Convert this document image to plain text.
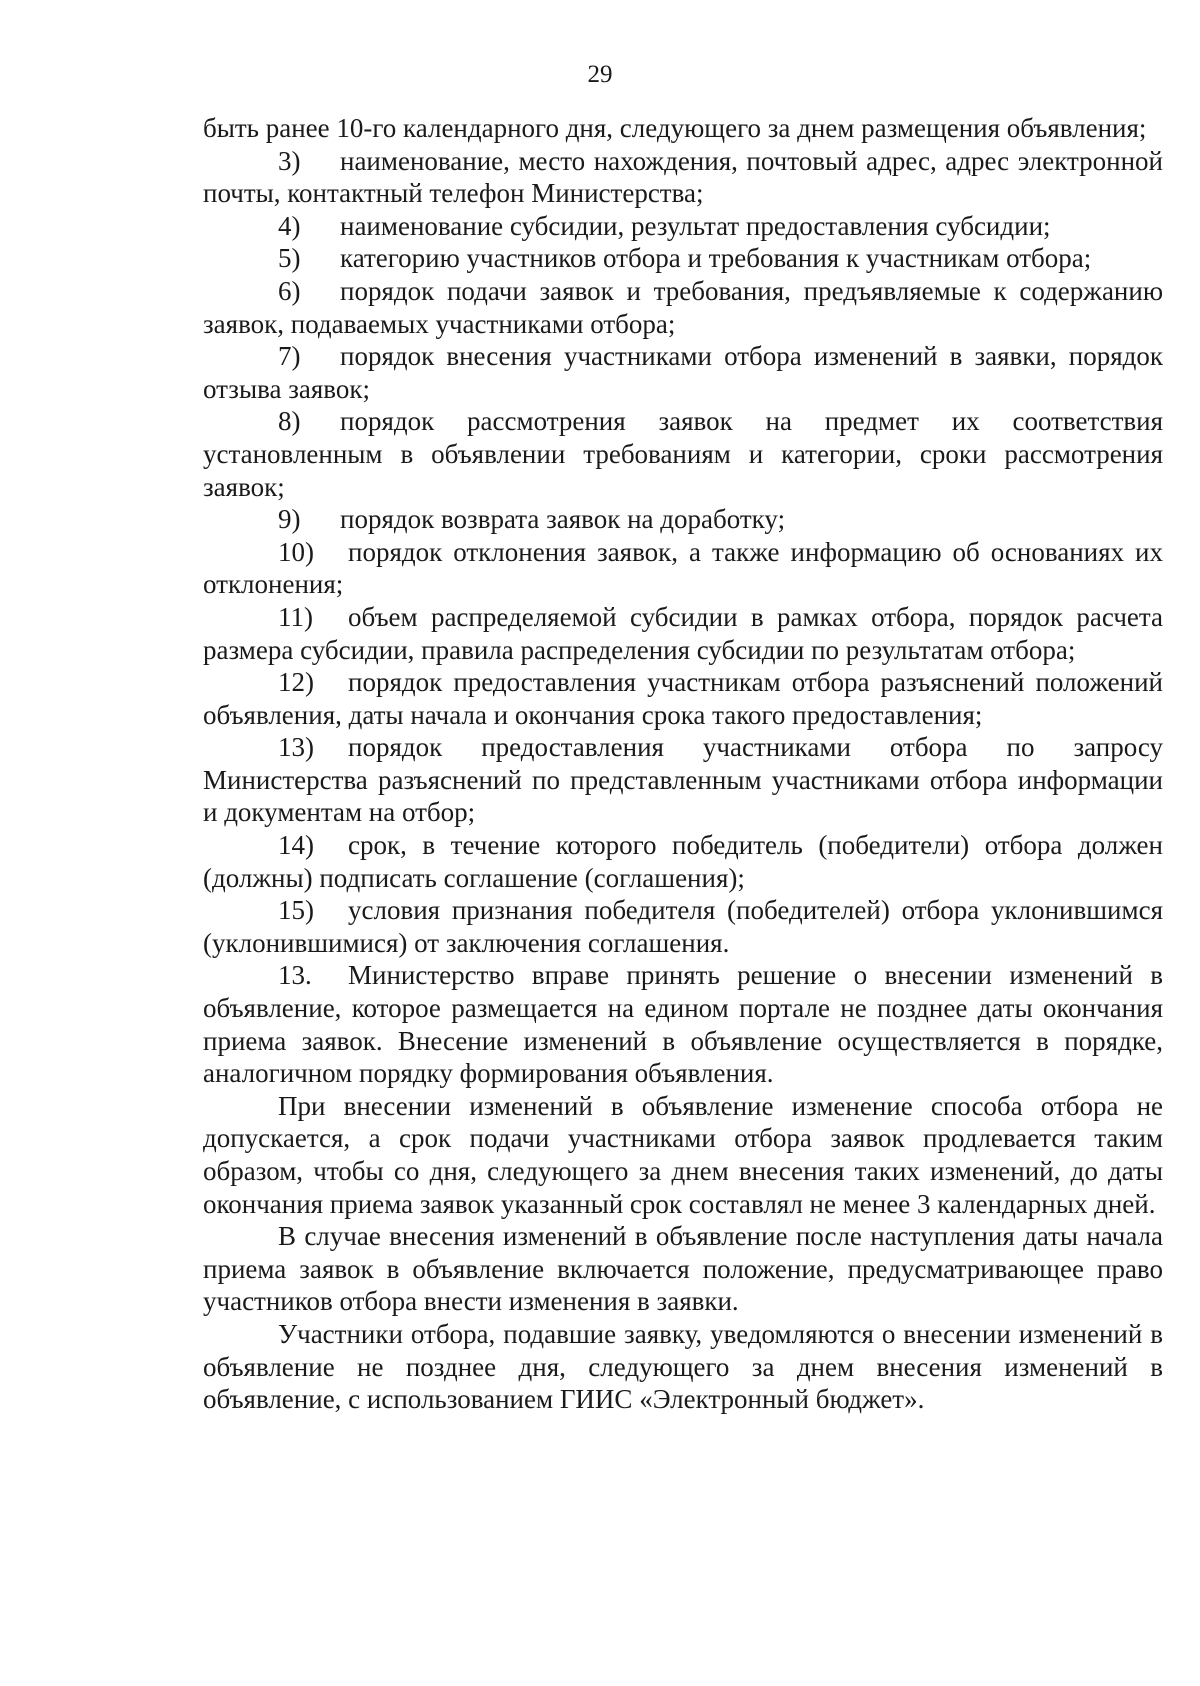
29

быть ранее 10-го календарного дня, следующего за днем размещения объявления;

3) наименование, место нахождения, почтовый адрес, адрес электронной почты, контактный телефон Министерства;

4) наименование субсидии, результат предоставления субсидии;

5) категорию участников отбора и требования к участникам отбора;

6) порядок подачи заявок и требования, предъявляемые к содержанию заявок, подаваемых участниками отбора;

7) порядок внесения участниками отбора изменений в заявки, порядок отзыва заявок;

8) порядок рассмотрения заявок на предмет их соответствия установленным в объявлении требованиям и категории, сроки рассмотрения заявок;

9) порядок возврата заявок на доработку;

10) порядок отклонения заявок, а также информацию об основаниях их отклонения;

11) объем распределяемой субсидии в рамках отбора, порядок расчета размера субсидии, правила распределения субсидии по результатам отбора;

12) порядок предоставления участникам отбора разъяснений положений объявления, даты начала и окончания срока такого предоставления;

13) порядок предоставления участниками отбора по запросу Министерства разъяснений по представленным участниками отбора информации и документам на отбор;

14) срок, в течение которого победитель (победители) отбора должен (должны) подписать соглашение (соглашения);

15) условия признания победителя (победителей) отбора уклонившимся (уклонившимися) от заключения соглашения.

13. Министерство вправе принять решение о внесении изменений в объявление, которое размещается на едином портале не позднее даты окончания приема заявок. Внесение изменений в объявление осуществляется в порядке, аналогичном порядку формирования объявления.

При внесении изменений в объявление изменение способа отбора не допускается, а срок подачи участниками отбора заявок продлевается таким образом, чтобы со дня, следующего за днем внесения таких изменений, до даты окончания приема заявок указанный срок составлял не менее 3 календарных дней.

В случае внесения изменений в объявление после наступления даты начала приема заявок в объявление включается положение, предусматривающее право участников отбора внести изменения в заявки.

Участники отбора, подавшие заявку, уведомляются о внесении изменений в объявление не позднее дня, следующего за днем внесения изменений в объявление, с использованием ГИИС «Электронный бюджет».
